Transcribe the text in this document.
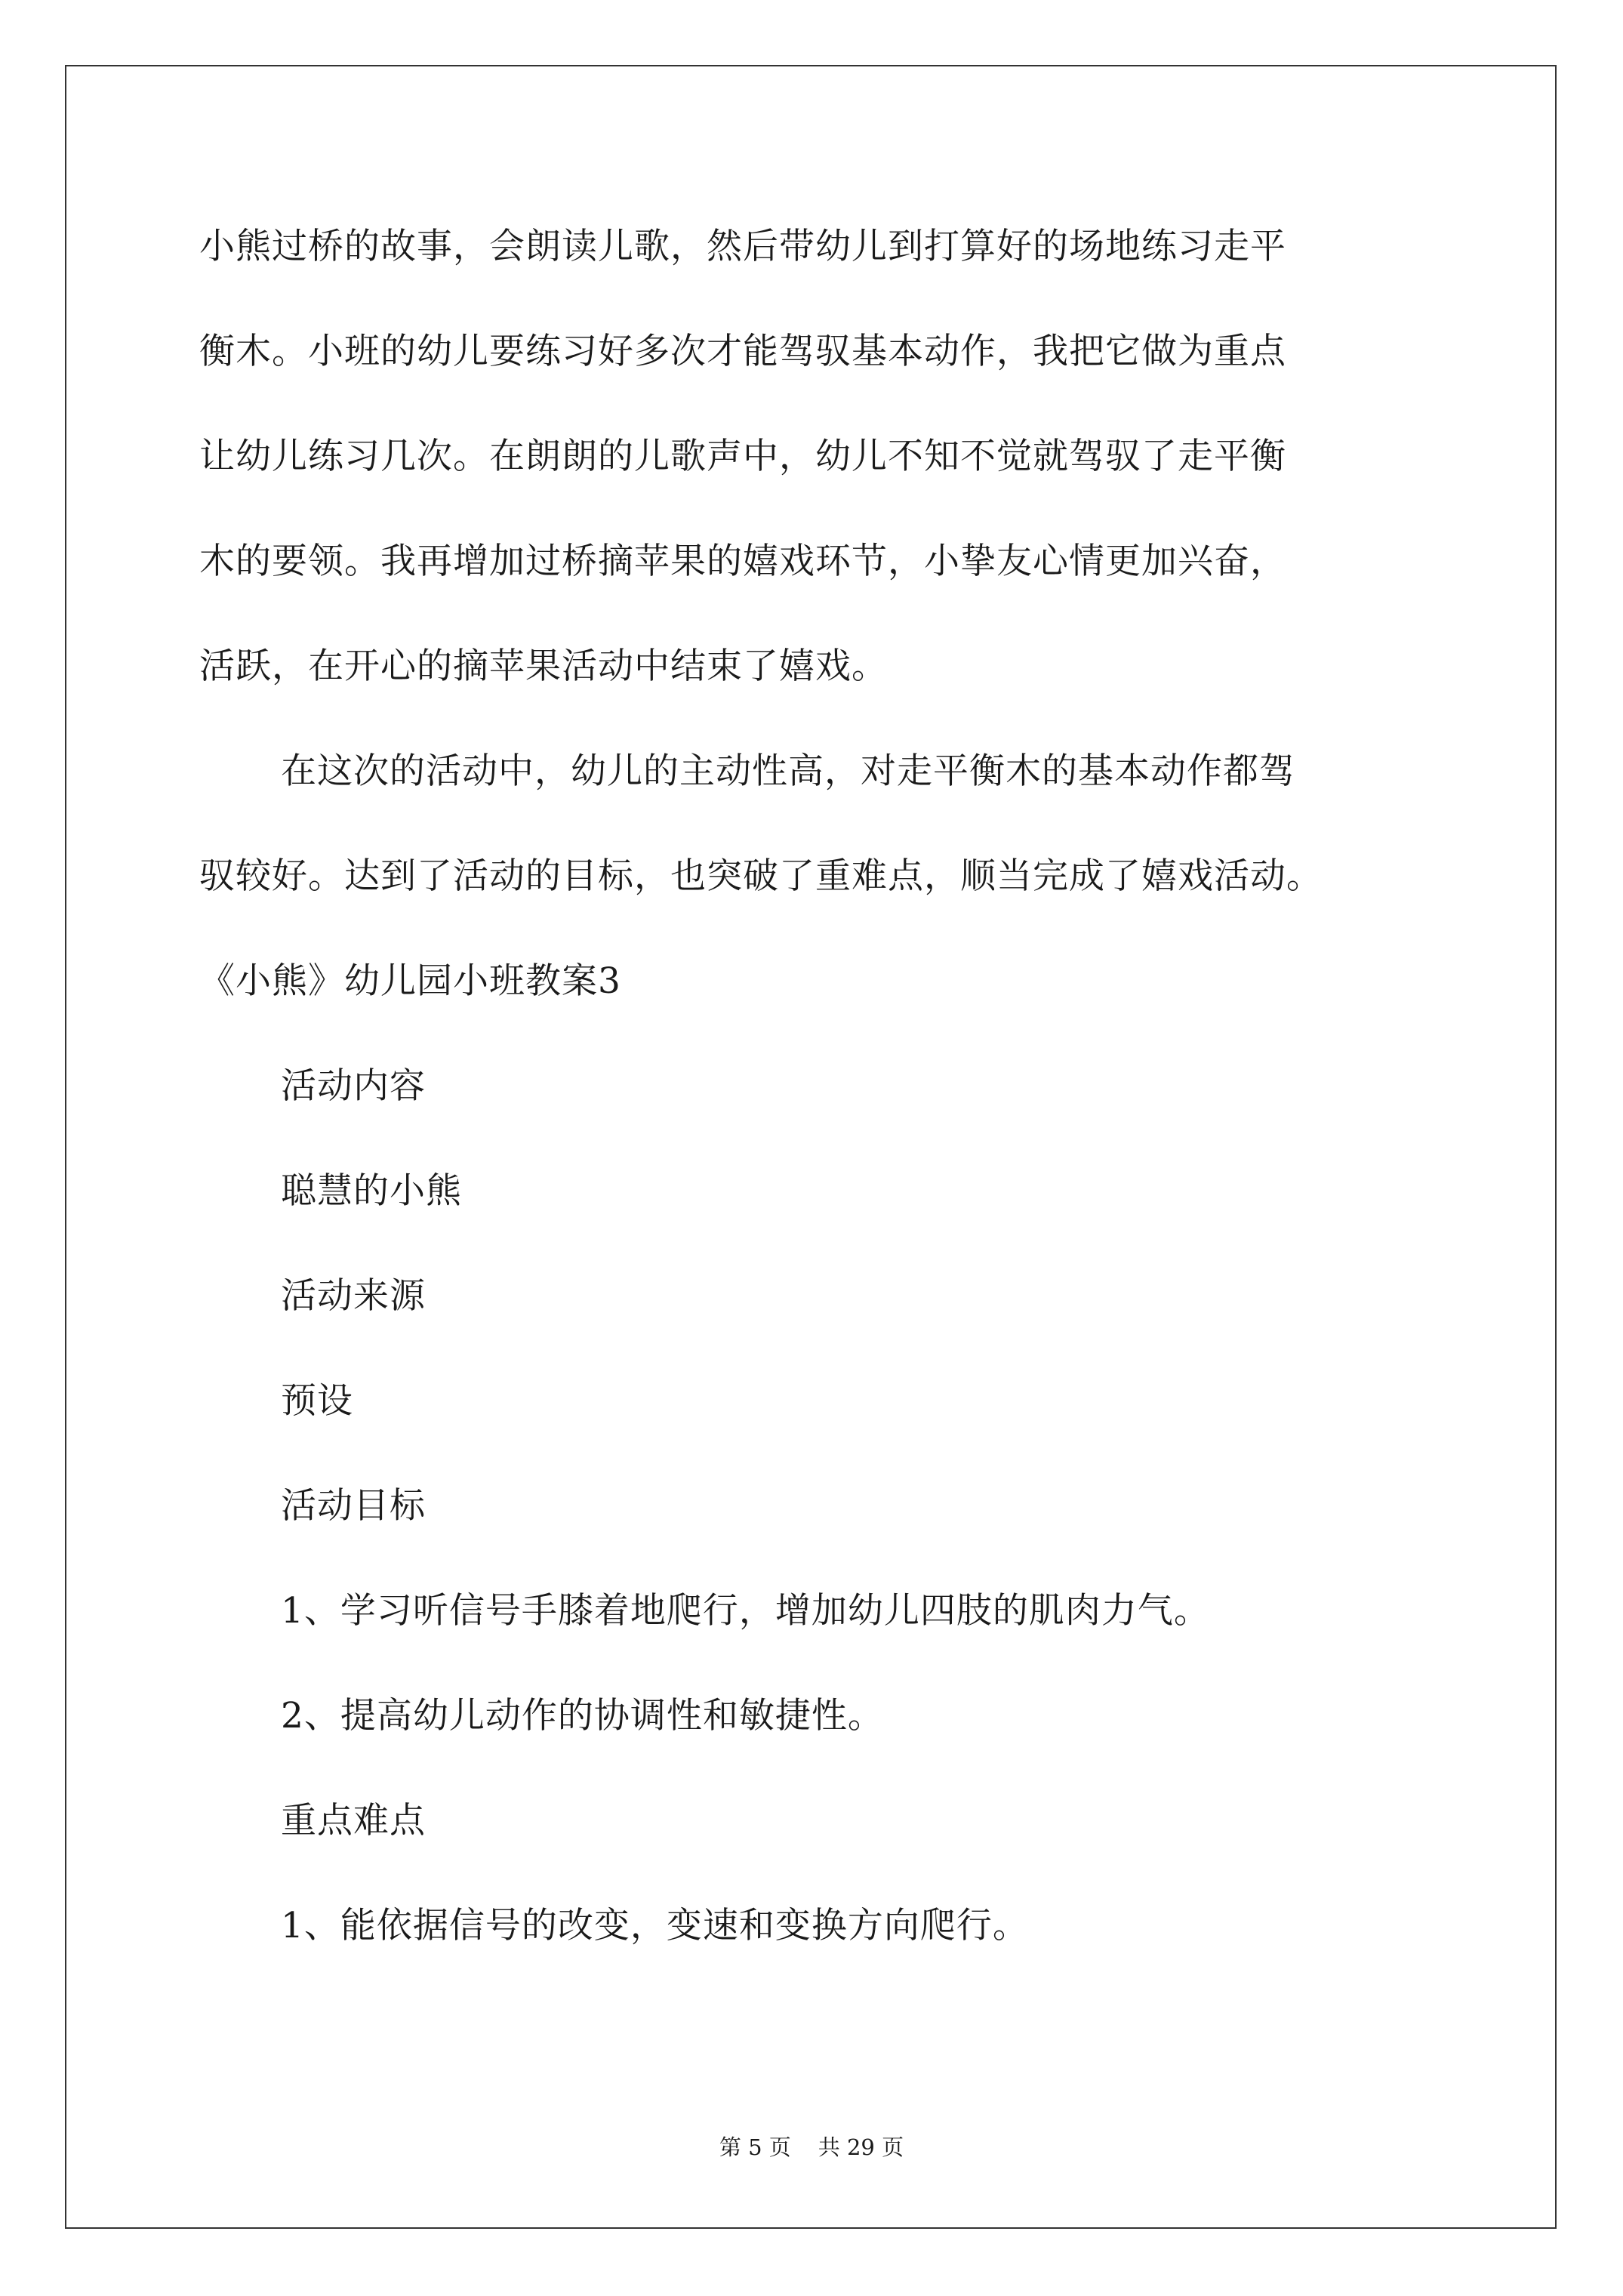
小熊过桥的故事，会朗读儿歌，然后带幼儿到打算好的场地练习走平
衡木。小班的幼儿要练习好多次才能驾驭基本动作，我把它做为重点
让幼儿练习几次。在朗朗的儿歌声中，幼儿不知不觉就驾驭了走平衡
木的要领。我再增加过桥摘苹果的嬉戏环节，小挚友心情更加兴奋，
活跃，在开心的摘苹果活动中结束了嬉戏。
在这次的活动中，幼儿的主动性高，对走平衡木的基本动作都驾
驭较好。达到了活动的目标，也突破了重难点，顺当完成了嬉戏活动。
《小熊》幼儿园小班教案3
活动内容
聪慧的小熊
活动来源
预设
活动目标
1、学习听信号手膝着地爬行，增加幼儿四肢的肌肉力气。
2、提高幼儿动作的协调性和敏捷性。
重点难点
1、能依据信号的改变，变速和变换方向爬行。
第 5 页 共 29 页
